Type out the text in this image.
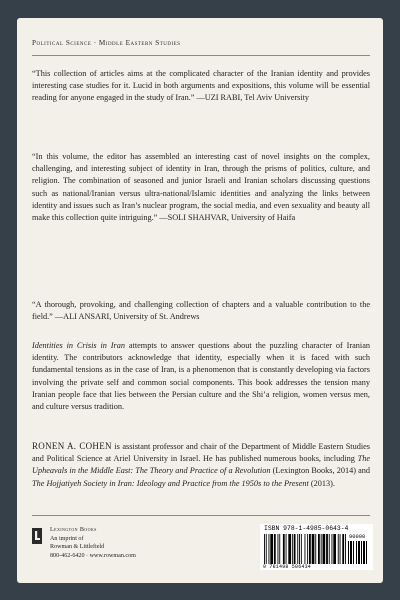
Political Science · Middle Eastern Studies
“This collection of articles aims at the complicated character of the Iranian identity and provides interesting case studies for it. Lucid in both arguments and expositions, this volume will be essential reading for anyone engaged in the study of Iran.” —UZI RABI, Tel Aviv University
“In this volume, the editor has assembled an interesting cast of novel insights on the complex, challenging, and interesting subject of identity in Iran, through the prisms of politics, culture, and religion. The combination of seasoned and junior Israeli and Iranian scholars discussing questions such as national/Iranian versus ultra-national/Islamic identities and analyzing the links between identity and issues such as Iran’s nuclear program, the social media, and even sexuality and beauty all make this collection quite intriguing.” —SOLI SHAHVAR, University of Haifa
“A thorough, provoking, and challenging collection of chapters and a valuable contribution to the field.” —ALI ANSARI, University of St. Andrews
Identities in Crisis in Iran attempts to answer questions about the puzzling character of Iranian identity. The contributors acknowledge that identity, especially when it is faced with such fundamental tensions as in the case of Iran, is a phenomenon that is constantly developing via factors involving the private self and common social components. This book addresses the tension many Iranian people face that lies between the Persian culture and the Shi’a religion, women versus men, and culture versus tradition.
RONEN A. COHEN is assistant professor and chair of the Department of Middle Eastern Studies and Political Science at Ariel University in Israel. He has published numerous books, including The Upheavals in the Middle East: The Theory and Practice of a Revolution (Lexington Books, 2014) and The Hojjatiyeh Society in Iran: Ideology and Practice from the 1950s to the Present (2013).
Lexington Books
An imprint of
Rowman & Littlefield
800-462-6420 · www.rowman.com
ISBN 978-1-4985-0643-4
90000
9 781498 506434
